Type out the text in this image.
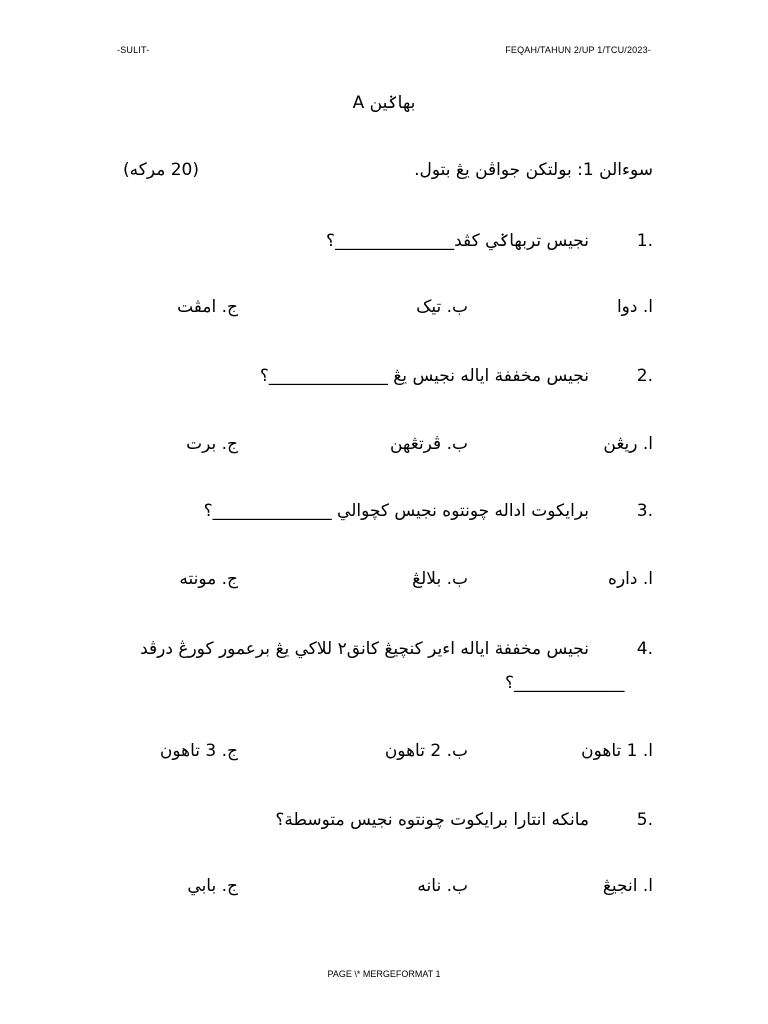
-SULIT-	FEQAH/TAHUN 2/UP 1/TCU/2023-
بهاݢين A
سوءالن 1: بولتکن جواڤن يڠ بتول.
(20 مرکه)
1.نجيس تربهاݢي کڤد______________؟
ا. دوا
ب. تيک
ج. امڤت
2.نجيس مخففة اياله نجيس يڠ ______________؟
ا. ريڠن
ب. ڤرتڠهن
ج. برت
3.برايکوت اداله چونتوه نجيس کچوالي ______________؟
ا. داره
ب. بلالڠ
ج. مونته
4.نجيس مخففة اياله اءير کنچيڠ کانق٢ للاکي يڠ برعمور کورڠ درڤد
_____________؟
ا. 1 تاهون
ب. 2 تاهون
ج. 3 تاهون
5.مانکه انتارا برايکوت چونتوه نجيس متوسطة؟
ا. انجيڠ
ب. نانه
ج. بابي
PAGE \* MERGEFORMAT 1
